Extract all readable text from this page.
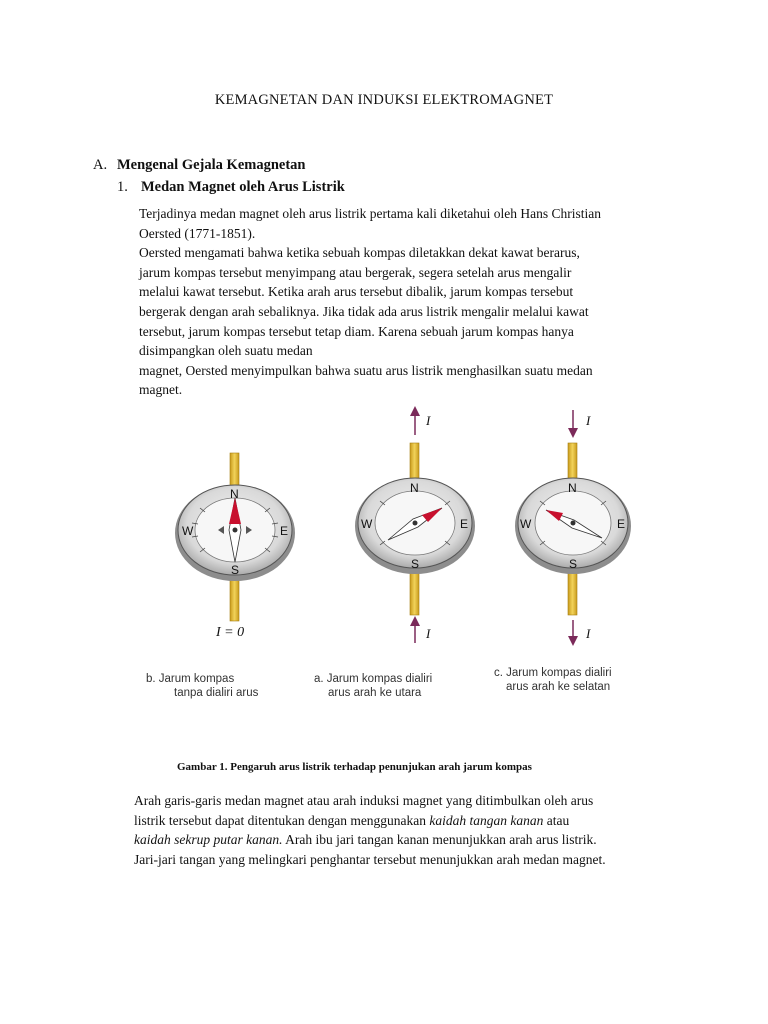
KEMAGNETAN DAN INDUKSI ELEKTROMAGNET
A. Mengenal Gejala Kemagnetan
1. Medan Magnet oleh Arus Listrik
Terjadinya medan magnet oleh arus listrik pertama kali diketahui oleh Hans Christian
Oersted (1771-1851).
Oersted mengamati bahwa ketika sebuah kompas diletakkan dekat kawat berarus,
jarum kompas tersebut menyimpang atau bergerak, segera setelah arus mengalir
melalui kawat tersebut. Ketika arah arus tersebut dibalik, jarum kompas tersebut
bergerak dengan arah sebaliknya. Jika tidak ada arus listrik mengalir melalui kawat
tersebut, jarum kompas tersebut tetap diam. Karena sebuah jarum kompas hanya
disimpangkan oleh suatu medan
magnet, Oersted menyimpulkan bahwa suatu arus listrik menghasilkan suatu medan
magnet.
N
S
W	E
I = 0
I
N
S
W	E
I
I
N
S
W	E
I
b. Jarum kompas
tanpa dialiri arus
a. Jarum kompas dialiri
arus arah ke utara
c. Jarum kompas dialiri
arus arah ke selatan
Gambar 1. Pengaruh arus listrik terhadap penunjukan arah jarum kompas
Arah garis-garis medan magnet atau arah induksi magnet yang ditimbulkan oleh arus
listrik tersebut dapat ditentukan dengan menggunakan kaidah tangan kanan atau
kaidah sekrup putar kanan. Arah ibu jari tangan kanan menunjukkan arah arus listrik.
Jari-jari tangan yang melingkari penghantar tersebut menunjukkan arah medan magnet.
